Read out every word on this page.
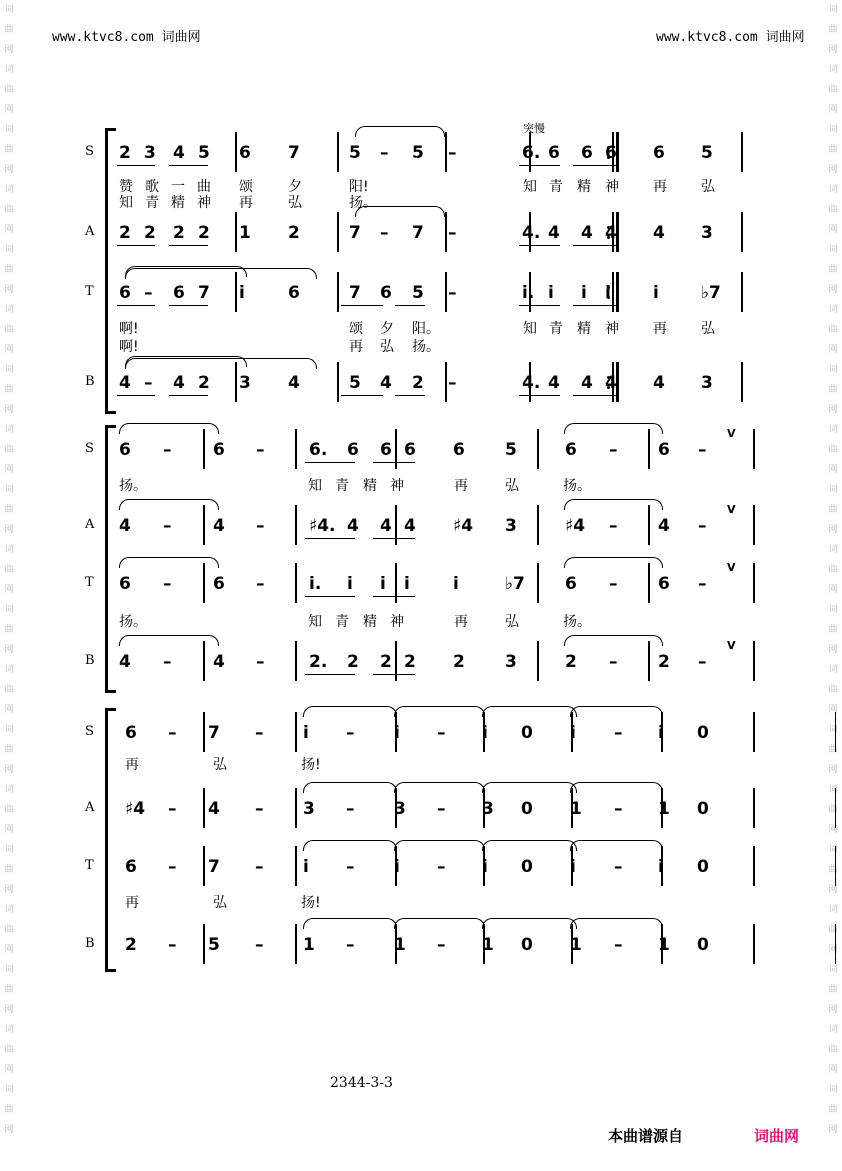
词
曲
网
词
曲
网
词
曲
网
词
曲
网
词
曲
网
词
曲
网
词
曲
网
词
曲
网
词
曲
网
词
曲
网
词
曲
网
词
曲
网
词
曲
网
词
曲
网
词
曲
网
词
曲
网
词
曲
网
词
曲
网
词
曲
网
词
曲
网
词
曲
网
词
曲
网
词
曲
网
词
曲
网
词
曲
网
词
曲
网
词
曲
网
词
曲
网
词
曲
网
词
曲
网
词
曲
网
词
曲
网
词
曲
网
词
曲
网
词
曲
网
词
曲
网
词
曲
网
词
曲
网
www.ktvc8.com 词曲网	www.ktvc8.com 词曲网
S 2 3 4 5 6 7	5 – 5 –	6. 6 6 6 6 5
A 2 2 2 2 1 2	7 – 7 –	4. 4 4 4 4 3
T 6 – 6 7 i	6	7 6 5 –	i. i i i i ♭7
B 4 – 4 2 3 4	5 4 2 –	4. 4 4 4 4 3
突慢
赞 歌 一 曲 颂	夕	阳!	知 青 精 神 再 弘
知 青 精 神 再	弘	扬。
啊!	颂 夕 阳。	知 青 精 神 再 弘
啊!	再 弘 扬。
S 6 – 6 –	6. 6 6 6 6 5	6 – 6 –
A 4 – 4 –	♯4. 4 4 4 ♯4 3	♯4 – 4 –
T 6 – 6 –	i. i i i	i	♭7 6 – 6 –
B 4 – 4 –	2. 2 2 2 2 3	2 – 2 –
V
V
V
V
扬。	知 青 精 神	再	弘	扬。
扬。	知 青 精 神	再	弘	扬。
S 6 – 7 – i – i – i 0 i – i 0
A ♯4 – 4 – 3 – 3 – 3 0 1 – 1 0
T 6 – 7 – i – i – i 0 i – i 0
B 2 – 5 – 1 – 1 – 1 0 1 – 1 0
再	弘	扬!
再	弘	扬!
2344-3-3
本曲谱源自	词曲网
